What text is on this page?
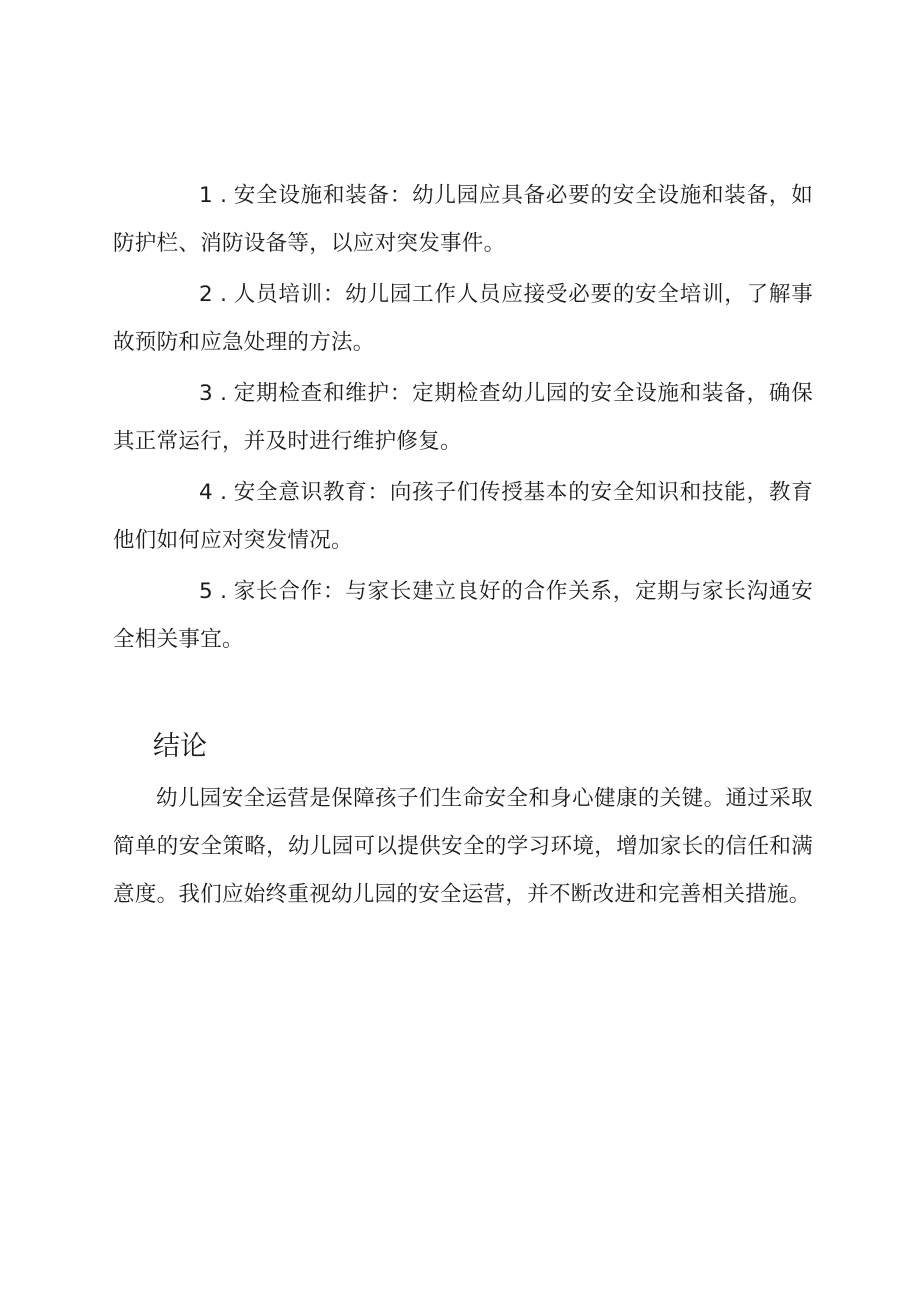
1 . 安全设施和装备：幼儿园应具备必要的安全设施和装备，如防护栏、消防设备等，以应对突发事件。

2 . 人员培训：幼儿园工作人员应接受必要的安全培训，了解事故预防和应急处理的方法。

3 . 定期检查和维护：定期检查幼儿园的安全设施和装备，确保其正常运行，并及时进行维护修复。

4 . 安全意识教育：向孩子们传授基本的安全知识和技能，教育他们如何应对突发情况。

5 . 家长合作：与家长建立良好的合作关系，定期与家长沟通安全相关事宜。

结论

幼儿园安全运营是保障孩子们生命安全和身心健康的关键。通过采取简单的安全策略，幼儿园可以提供安全的学习环境，增加家长的信任和满意度。我们应始终重视幼儿园的安全运营，并不断改进和完善相关措施。
